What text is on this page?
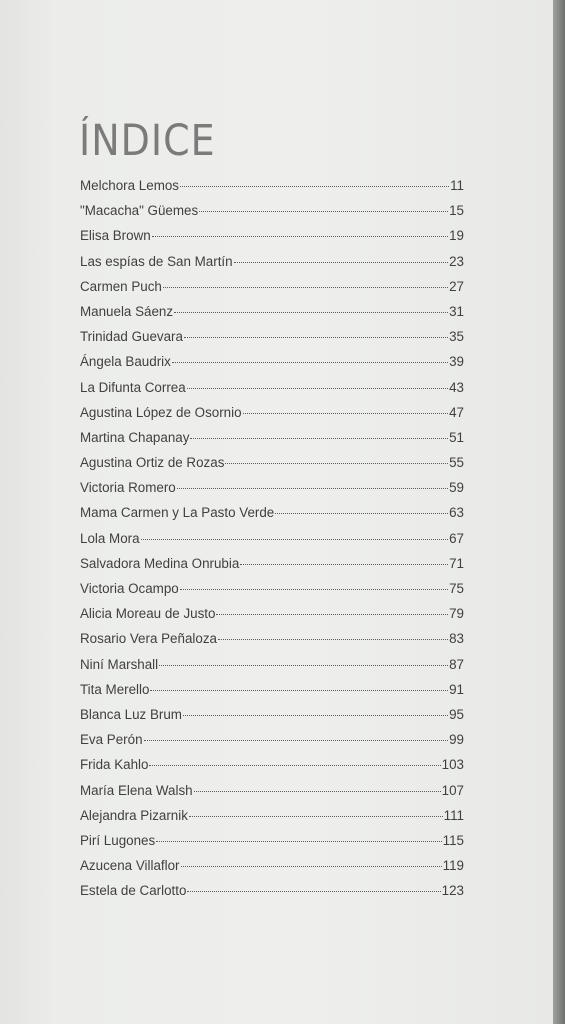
ÍNDICE
Melchora Lemos	11
"Macacha" Güemes	15
Elisa Brown	19
Las espías de San Martín	23
Carmen Puch	27
Manuela Sáenz	31
Trinidad Guevara	35
Ángela Baudrix	39
La Difunta Correa	43
Agustina López de Osornio	47
Martina Chapanay	51
Agustina Ortiz de Rozas	55
Victoria Romero	59
Mama Carmen y La Pasto Verde	63
Lola Mora	67
Salvadora Medina Onrubia	71
Victoria Ocampo	75
Alicia Moreau de Justo	79
Rosario Vera Peñaloza	83
Niní Marshall	87
Tita Merello	91
Blanca Luz Brum	95
Eva Perón	99
Frida Kahlo	103
María Elena Walsh	107
Alejandra Pizarnik	111
Pirí Lugones	115
Azucena Villaflor	119
Estela de Carlotto	123
